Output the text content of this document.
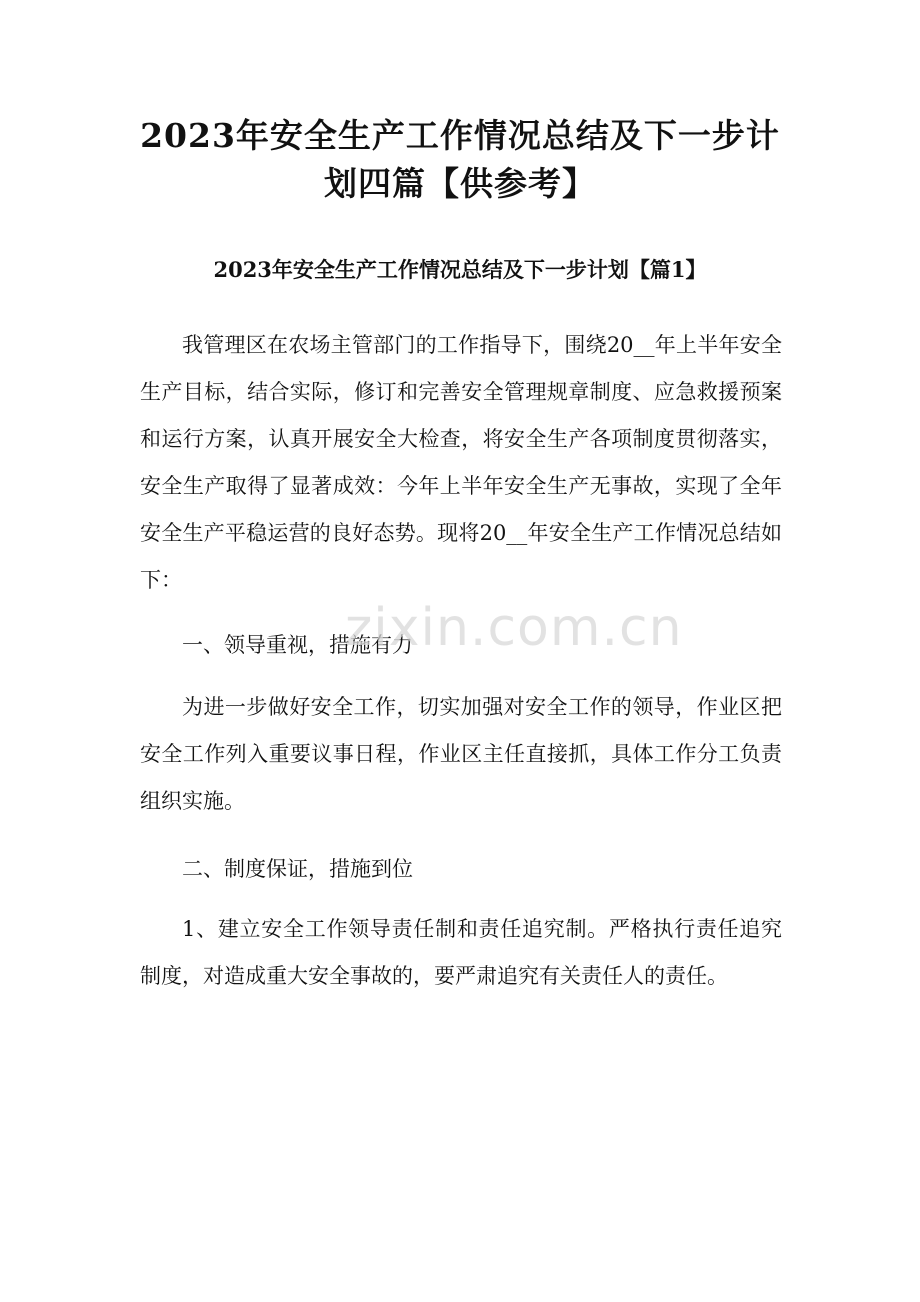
2023年安全生产工作情况总结及下一步计
划四篇【供参考】
2023年安全生产工作情况总结及下一步计划【篇1】

我管理区在农场主管部门的工作指导下，围绕20__年上半年安全生产目标，结合实际，修订和完善安全管理规章制度、应急救援预案和运行方案，认真开展安全大检查，将安全生产各项制度贯彻落实，安全生产取得了显著成效：今年上半年安全生产无事故，实现了全年安全生产平稳运营的良好态势。现将20__年安全生产工作情况总结如下：

一、领导重视，措施有力

为进一步做好安全工作，切实加强对安全工作的领导，作业区把安全工作列入重要议事日程，作业区主任直接抓，具体工作分工负责组织实施。

二、制度保证，措施到位

1、建立安全工作领导责任制和责任追究制。严格执行责任追究制度，对造成重大安全事故的，要严肃追究有关责任人的责任。

zixin.com.cn
